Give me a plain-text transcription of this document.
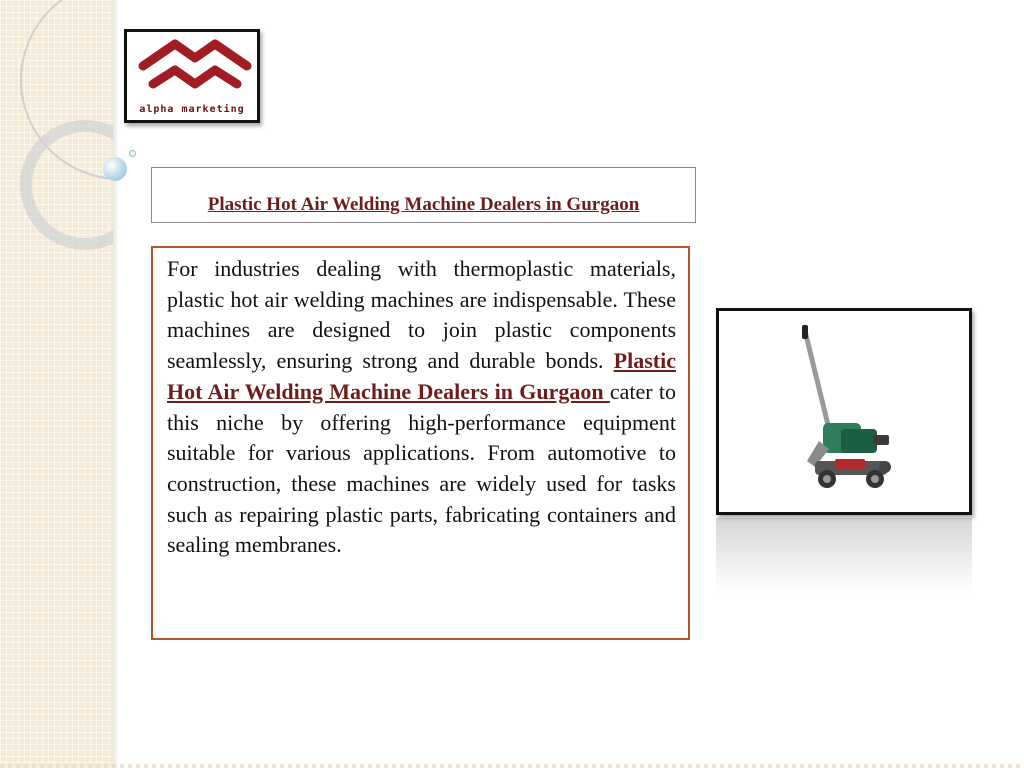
alpha marketing
Plastic Hot Air Welding Machine Dealers in Gurgaon

For industries dealing with thermoplastic materials, plastic hot air welding machines are indispensable. These machines are designed to join plastic components seamlessly, ensuring strong and durable bonds. Plastic Hot Air Welding Machine Dealers in Gurgaon cater to this niche by offering high-performance equipment suitable for various applications. From automotive to construction, these machines are widely used for tasks such as repairing plastic parts, fabricating containers and sealing membranes.
